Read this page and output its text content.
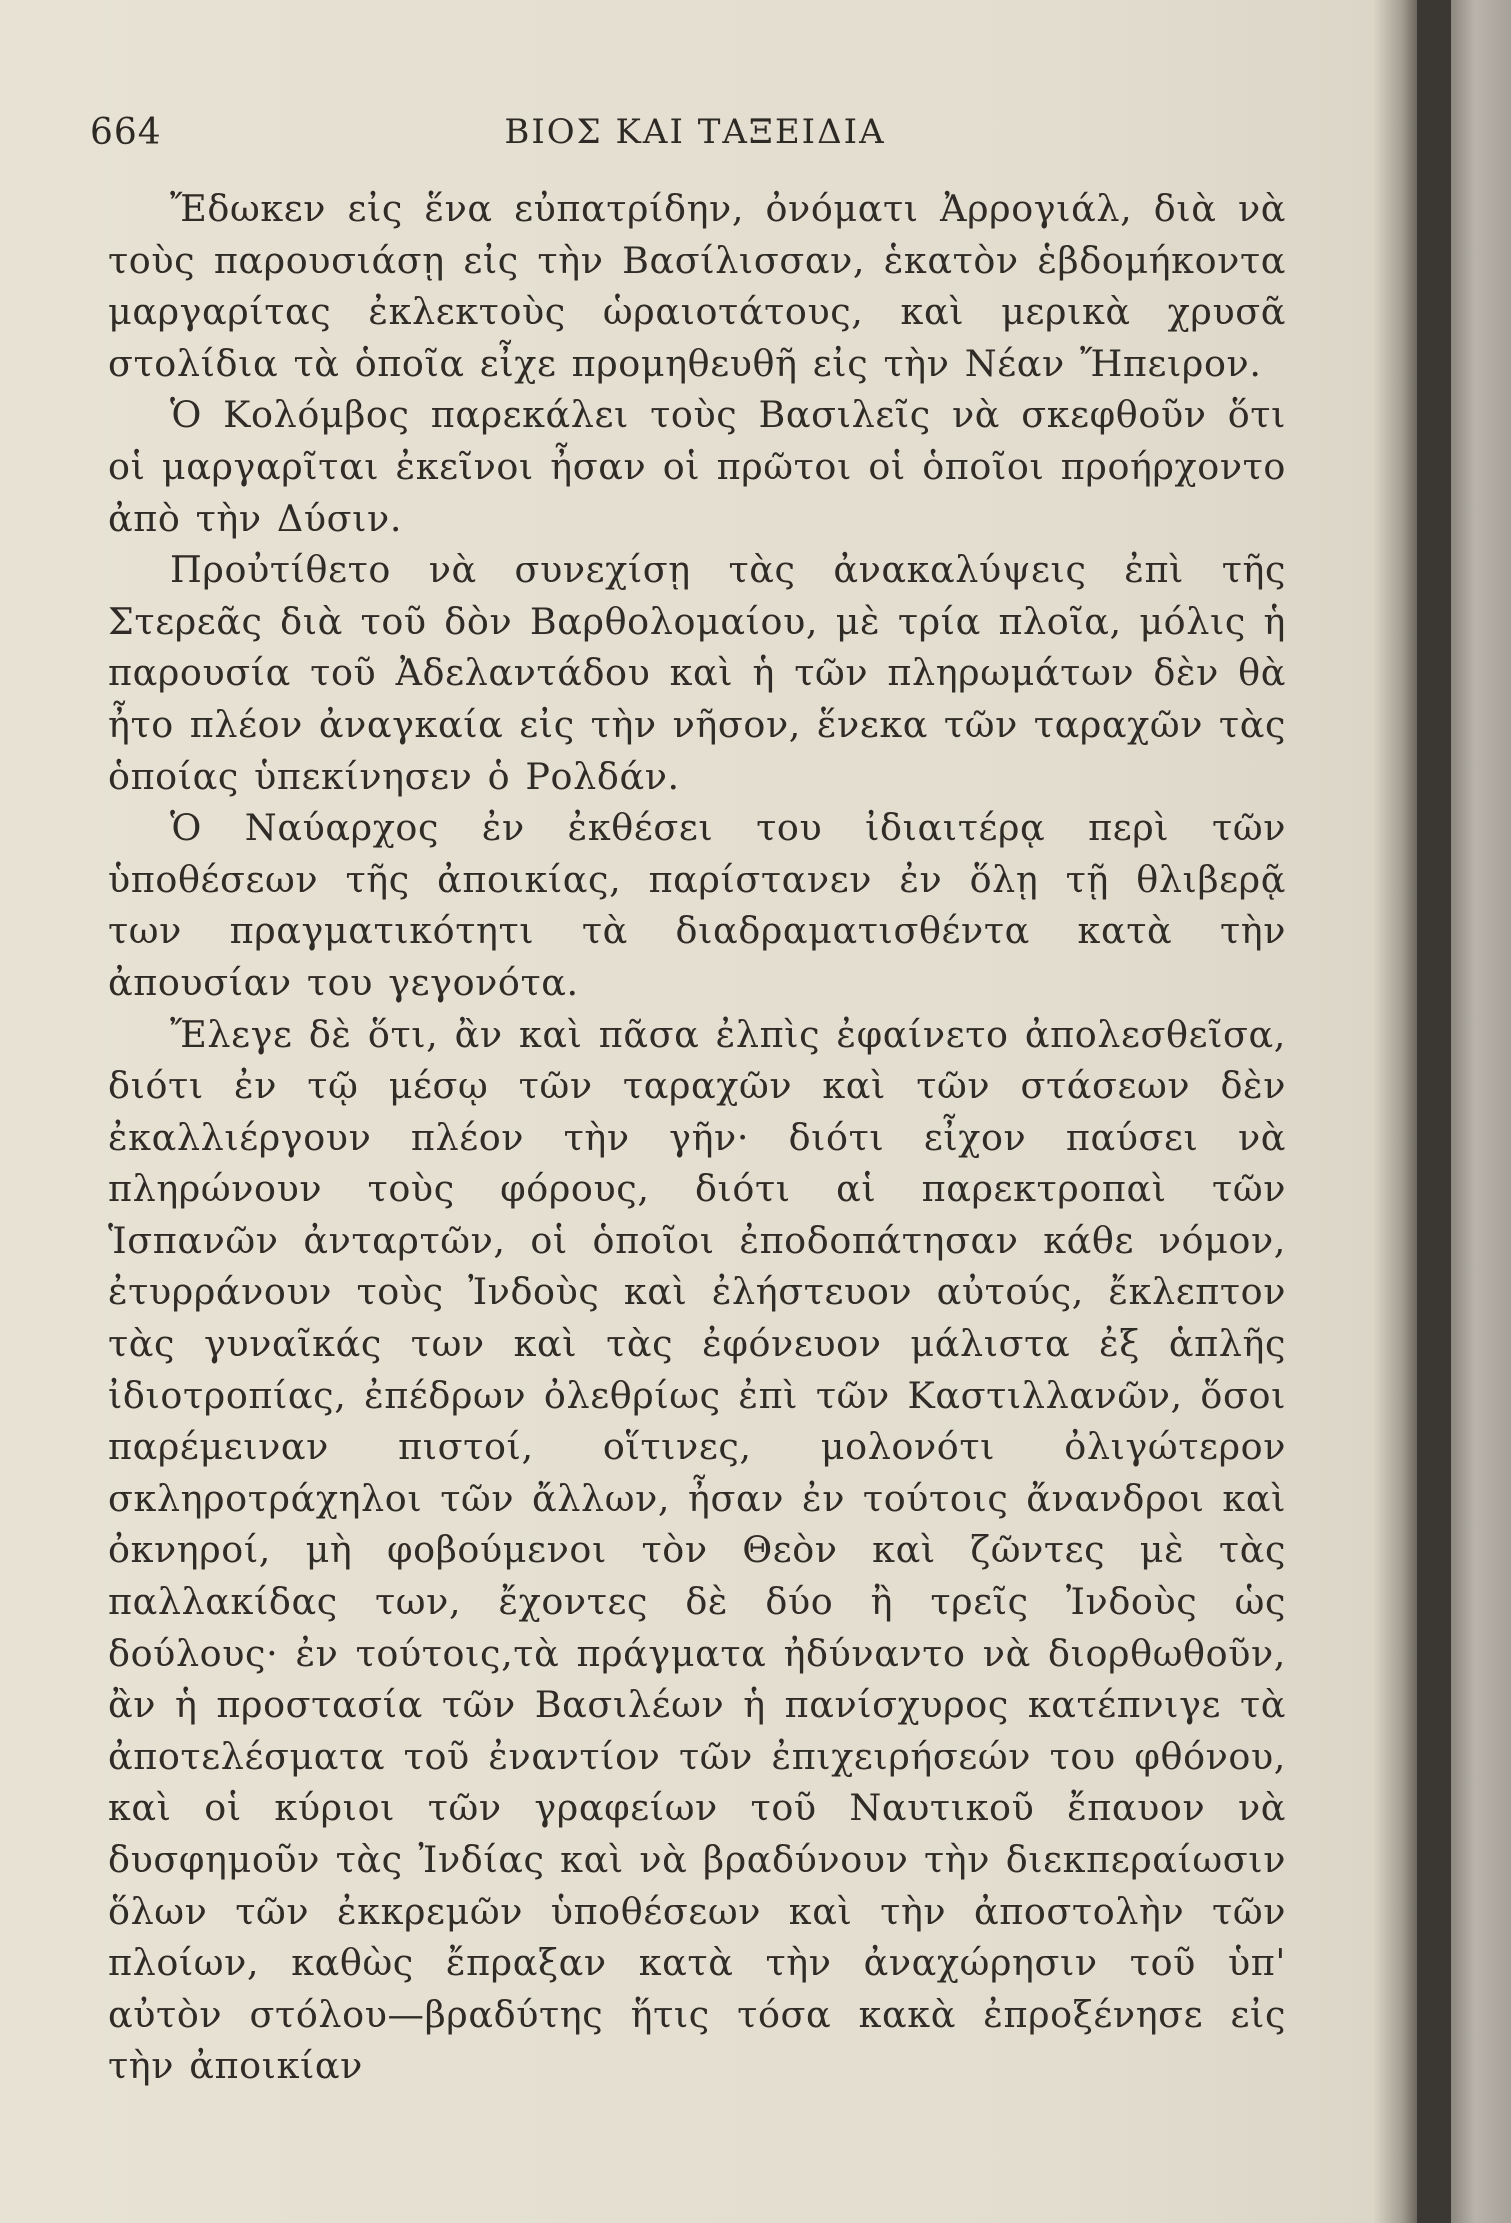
664	ΒΙΟΣ ΚΑΙ ΤΑΞΕΙΔΙΑ

Ἔδωκεν εἰς ἕνα εὐπατρίδην, ὀνόματι Ἀρρογιάλ, διὰ νὰ τοὺς παρουσιάσῃ εἰς τὴν Βασίλισσαν, ἑκατὸν ἑβδομήκοντα μαργαρίτας ἐκλεκτοὺς ὡραιοτάτους, καὶ μερικὰ χρυσᾶ στολίδια τὰ ὁποῖα εἶχε προμηθευθῆ εἰς τὴν Νέαν Ἤπειρον.

Ὁ Κολόμβος παρεκάλει τοὺς Βασιλεῖς νὰ σκεφθοῦν ὅτι οἱ μαργαρῖται ἐκεῖνοι ἦσαν οἱ πρῶτοι οἱ ὁποῖοι προήρχοντο ἀπὸ τὴν Δύσιν.

Προὐτίθετο νὰ συνεχίσῃ τὰς ἀνακαλύψεις ἐπὶ τῆς Στερεᾶς διὰ τοῦ δὸν Βαρθολομαίου, μὲ τρία πλοῖα, μόλις ἡ παρουσία τοῦ Ἀδελαντάδου καὶ ἡ τῶν πληρωμάτων δὲν θὰ ἦτο πλέον ἀναγκαία εἰς τὴν νῆσον, ἕνεκα τῶν ταραχῶν τὰς ὁποίας ὑπεκίνησεν ὁ Ρολδάν.

Ὁ Ναύαρχος ἐν ἐκθέσει του ἰδιαιτέρᾳ περὶ τῶν ὑποθέσεων τῆς ἀποικίας, παρίστανεν ἐν ὅλῃ τῇ θλιβερᾷ των πραγματικότητι τὰ διαδραματισθέντα κατὰ τὴν ἀπουσίαν του γεγονότα.

Ἔλεγε δὲ ὅτι, ἂν καὶ πᾶσα ἐλπὶς ἐφαίνετο ἀπολεσθεῖσα, διότι ἐν τῷ μέσῳ τῶν ταραχῶν καὶ τῶν στάσεων δὲν ἐκαλλιέργουν πλέον τὴν γῆν· διότι εἶχον παύσει νὰ πληρώνουν τοὺς φόρους, διότι αἱ παρεκτροπαὶ τῶν Ἱσπανῶν ἀνταρτῶν, οἱ ὁποῖοι ἐποδοπάτησαν κάθε νόμον, ἐτυρράνουν τοὺς Ἰνδοὺς καὶ ἐλήστευον αὐτούς, ἔκλεπτον τὰς γυναῖκάς των καὶ τὰς ἐφόνευον μάλιστα ἐξ ἁπλῆς ἰδιοτροπίας, ἐπέδρων ὀλεθρίως ἐπὶ τῶν Καστιλλανῶν, ὅσοι παρέμειναν πιστοί, οἵτινες, μολονότι ὀλιγώτερον σκληροτράχηλοι τῶν ἄλλων, ἦσαν ἐν τούτοις ἄνανδροι καὶ ὀκνηροί, μὴ φοβούμενοι τὸν Θεὸν καὶ ζῶντες μὲ τὰς παλλακίδας των, ἔχοντες δὲ δύο ἢ τρεῖς Ἰνδοὺς ὡς δούλους· ἐν τούτοις,τὰ πράγματα ἠδύναντο νὰ διορθωθοῦν, ἂν ἡ προστασία τῶν Βασιλέων ἡ πανίσχυρος κατέπνιγε τὰ ἀποτελέσματα τοῦ ἐναντίον τῶν ἐπιχειρήσεών του φθόνου, καὶ οἱ κύριοι τῶν γραφείων τοῦ Ναυτικοῦ ἔπαυον νὰ δυσφημοῦν τὰς Ἰνδίας καὶ νὰ βραδύνουν τὴν διεκπεραίωσιν ὅλων τῶν ἐκκρεμῶν ὑποθέσεων καὶ τὴν ἀποστολὴν τῶν πλοίων, καθὼς ἔπραξαν κατὰ τὴν ἀναχώρησιν τοῦ ὑπ' αὐτὸν στόλου—βραδύτης ἥτις τόσα κακὰ ἐπροξένησε εἰς τὴν ἀποικίαν
